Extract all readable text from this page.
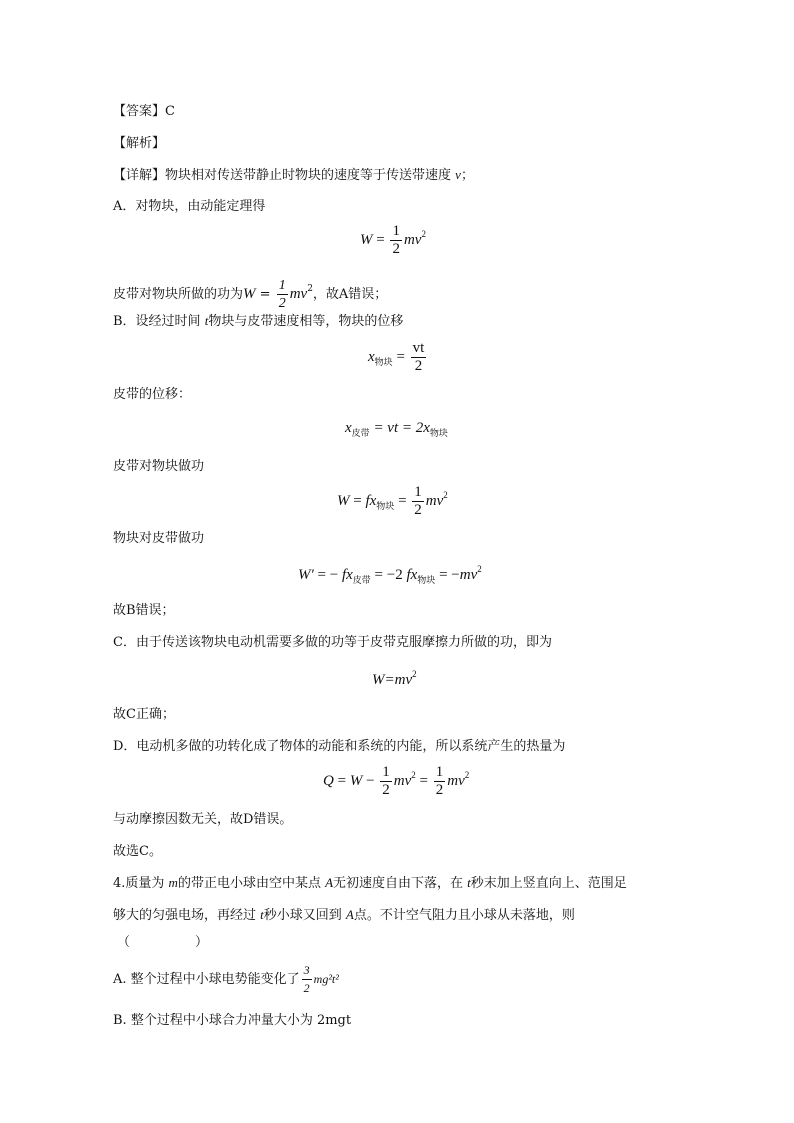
【答案】C
【解析】
【详解】物块相对传送带静止时物块的速度等于传送带速度 v；
A．对物块，由动能定理得
$W = \frac{1}{2} mv^2$
皮带对物块所做的功为$W = \frac{1}{2} mv^2$，故A错误；
B．设经过时间 t物块与皮带速度相等，物块的位移
$x_{物块} = \frac{vt}{2}$
皮带的位移：
$x_{皮带}$ = vt = $2x_{物块}$
皮带对物块做功
$W = fx_{物块} = \frac{1}{2} mv^2$
物块对皮带做功
W′ = − $fx_{皮带} = -2$ $fx_{物块} = -mv^2$
故B错误；
C．由于传送该物块电动机需要多做的功等于皮带克服摩擦力所做的功，即为
$W=mv^2$
故C正确；
D．电动机多做的功转化成了物体的动能和系统的内能，所以系统产生的热量为
$Q = W - \frac{1}{2} mv^2 = \frac{1}{2} mv^2$
与动摩擦因数无关，故D错误。
故选C。
4.质量为 m的带正电小球由空中某点 A无初速度自由下落，在 t秒末加上竖直向上、范围足
够大的匀强电场，再经过 t秒小球又回到 A点。不计空气阻力且小球从未落地，则
（　　　　　）
A. 整个过程中小球电势能变化了 $\frac{3}{2} mg^2t^2$
B. 整个过程中小球合力冲量大小为 2mgt
